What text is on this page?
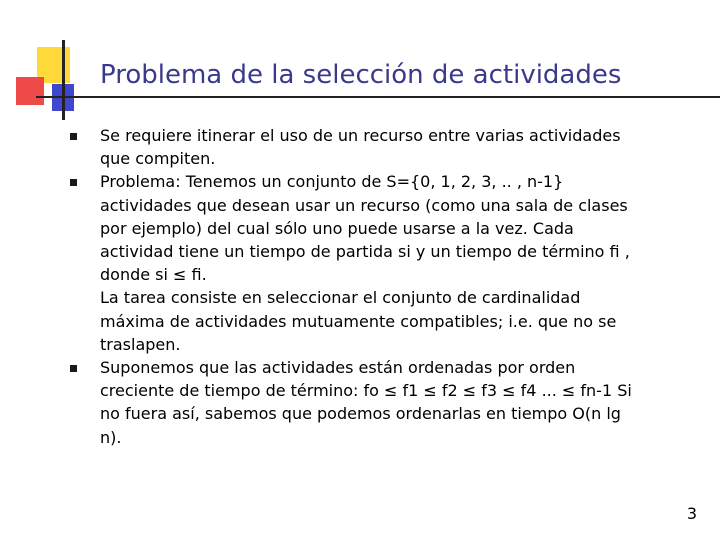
Problema de la selección de actividades
Se requiere itinerar el uso de un recurso entre varias actividades
que compiten.
Problema: Tenemos un conjunto de S={0, 1, 2, 3, .. , n-1}
actividades que desean usar un recurso (como una sala de clases
por ejemplo) del cual sólo uno puede usarse a la vez. Cada
actividad tiene un tiempo de partida si y un tiempo de término fi ,
donde si ≤ fi.
La tarea consiste en seleccionar el conjunto de cardinalidad
máxima de actividades mutuamente compatibles; i.e. que no se
traslapen.
Suponemos que las actividades están ordenadas por orden
creciente de tiempo de término: fo ≤ f1 ≤ f2 ≤ f3 ≤ f4 ... ≤ fn-1 Si
no fuera así, sabemos que podemos ordenarlas en tiempo O(n lg
n).
3
